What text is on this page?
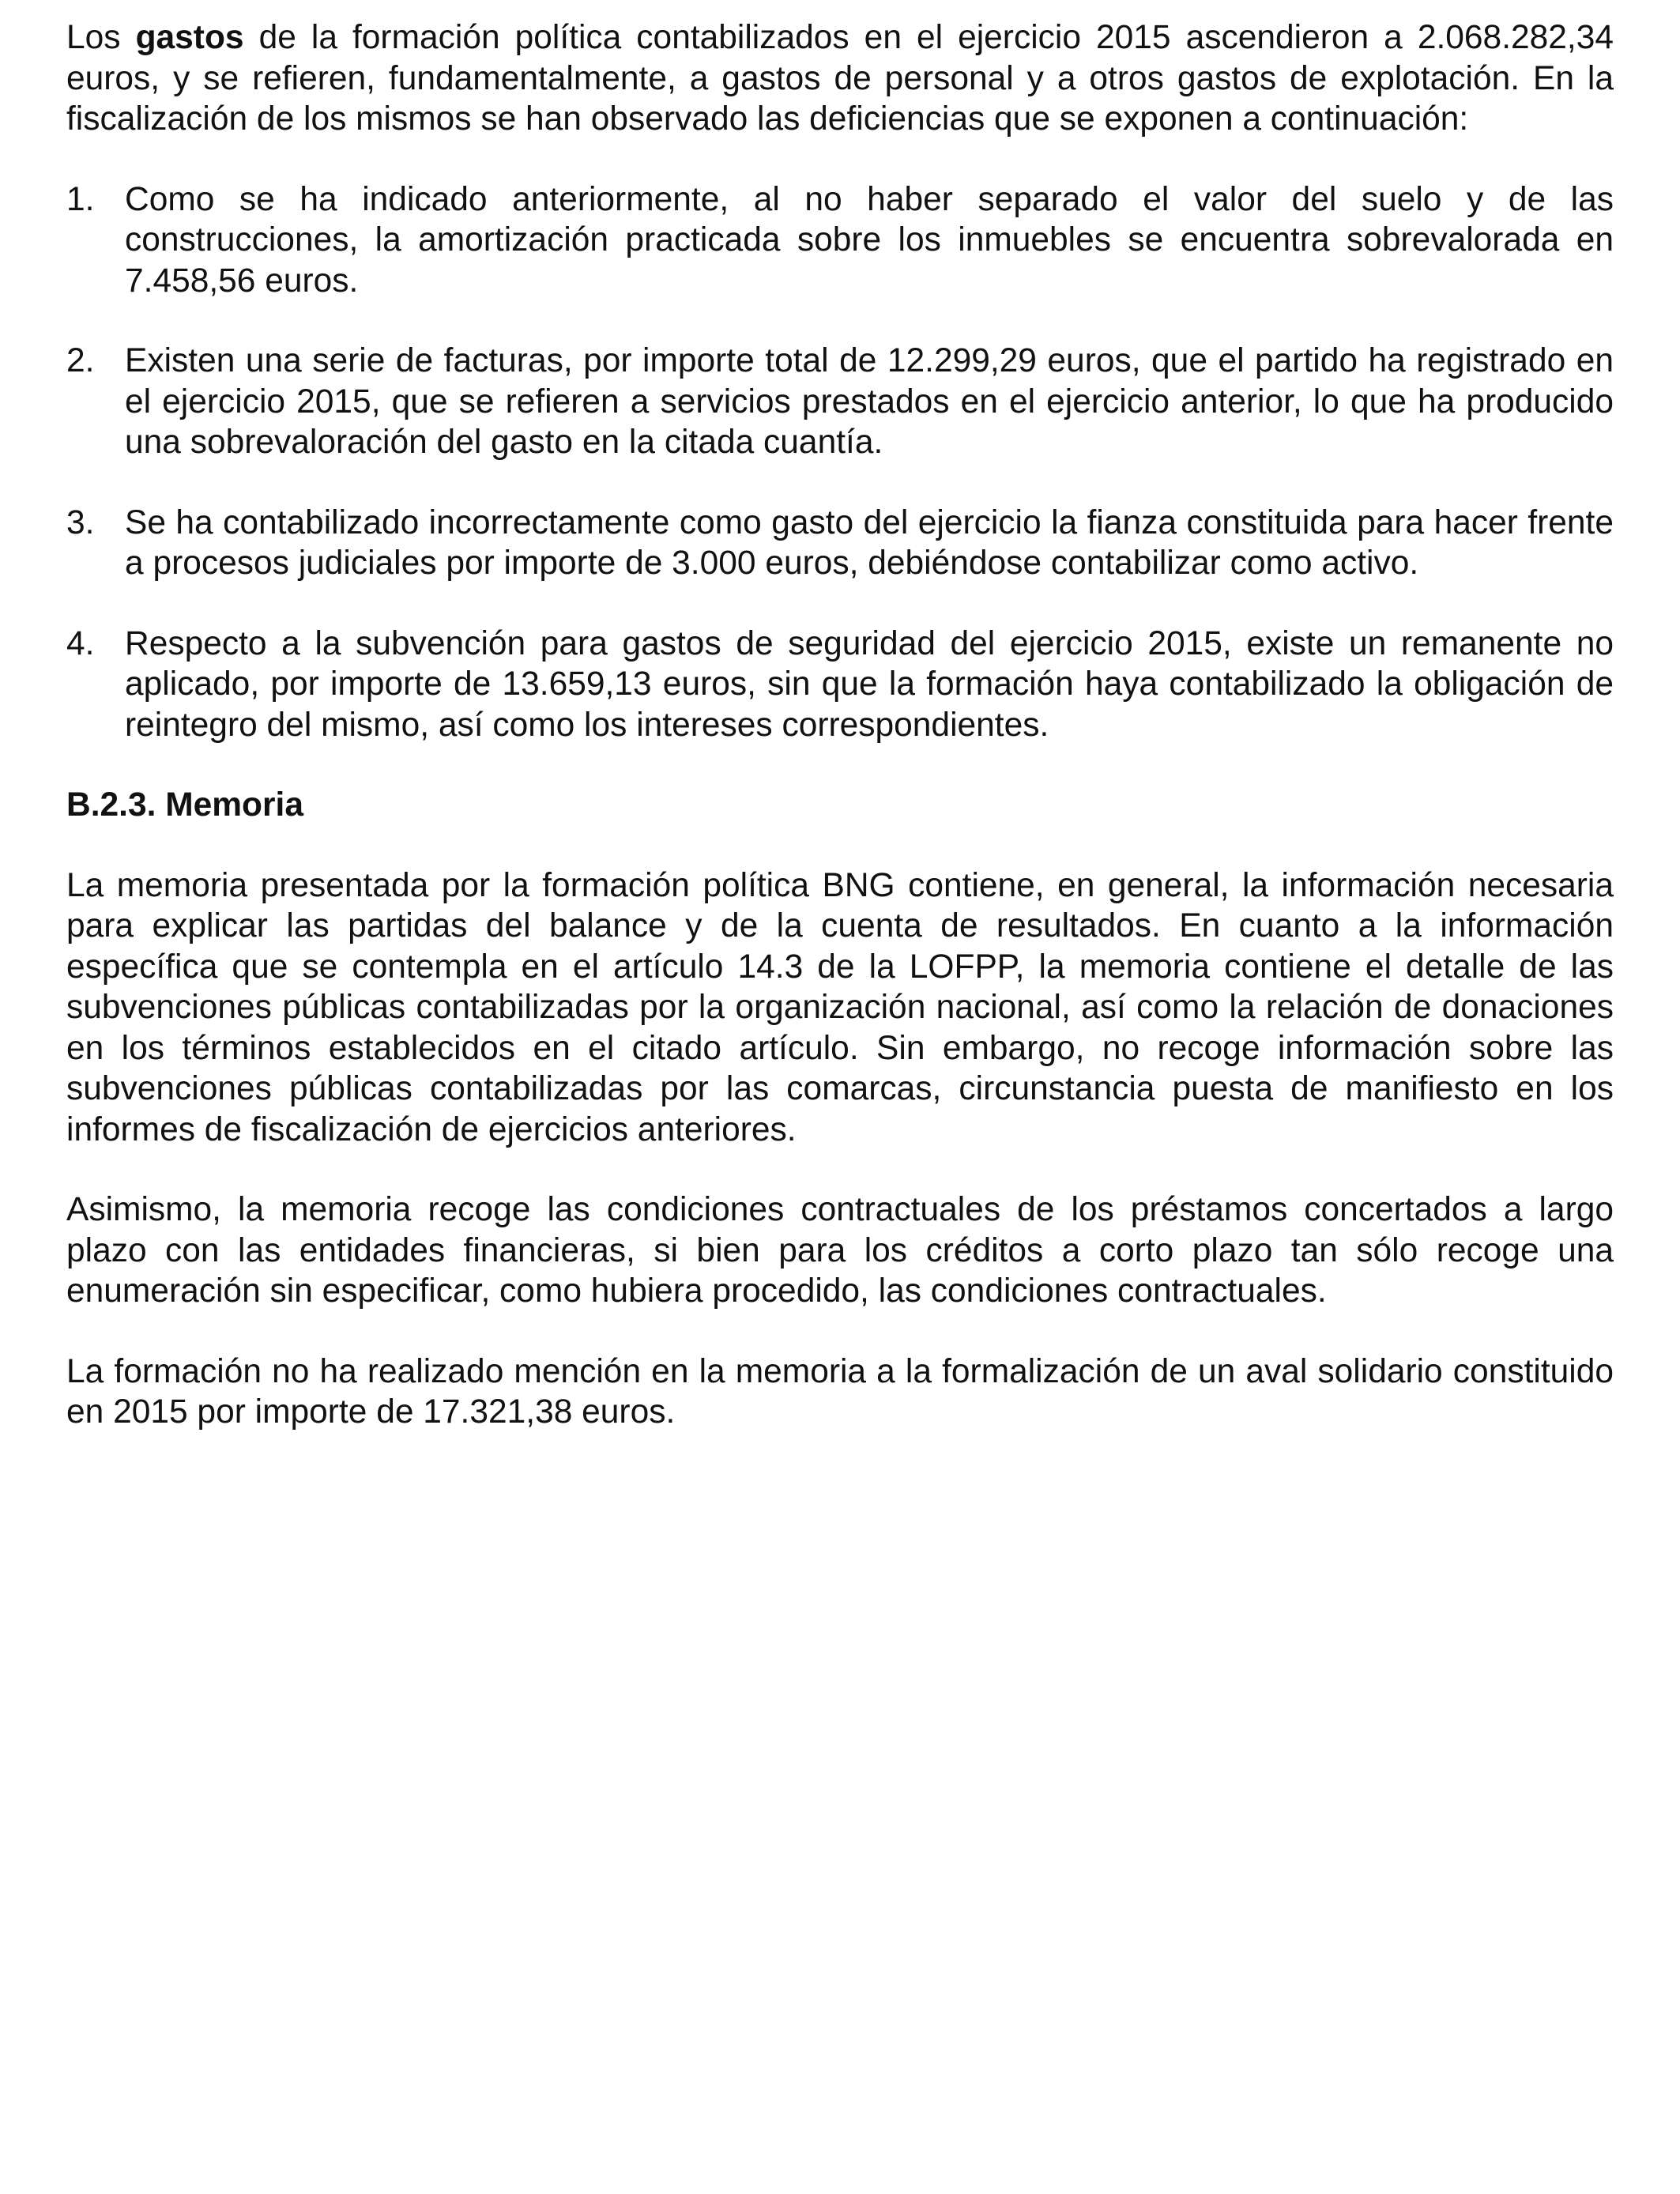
Los gastos de la formación política contabilizados en el ejercicio 2015 ascendieron a 2.068.282,34 euros, y se refieren, fundamentalmente, a gastos de personal y a otros gastos de explotación. En la fiscalización de los mismos se han observado las deficiencias que se exponen a continuación:

1. Como se ha indicado anteriormente, al no haber separado el valor del suelo y de las construcciones, la amortización practicada sobre los inmuebles se encuentra sobrevalorada en 7.458,56 euros.
2. Existen una serie de facturas, por importe total de 12.299,29 euros, que el partido ha registrado en el ejercicio 2015, que se refieren a servicios prestados en el ejercicio anterior, lo que ha producido una sobrevaloración del gasto en la citada cuantía.
3. Se ha contabilizado incorrectamente como gasto del ejercicio la fianza constituida para hacer frente a procesos judiciales por importe de 3.000 euros, debiéndose contabilizar como activo.
4. Respecto a la subvención para gastos de seguridad del ejercicio 2015, existe un remanente no aplicado, por importe de 13.659,13 euros, sin que la formación haya contabilizado la obligación de reintegro del mismo, así como los intereses correspondientes.

B.2.3. Memoria

La memoria presentada por la formación política BNG contiene, en general, la información necesaria para explicar las partidas del balance y de la cuenta de resultados. En cuanto a la información específica que se contempla en el artículo 14.3 de la LOFPP, la memoria contiene el detalle de las subvenciones públicas contabilizadas por la organización nacional, así como la relación de donaciones en los términos establecidos en el citado artículo. Sin embargo, no recoge información sobre las subvenciones públicas contabilizadas por las comarcas, circunstancia puesta de manifiesto en los informes de fiscalización de ejercicios anteriores.

Asimismo, la memoria recoge las condiciones contractuales de los préstamos concertados a largo plazo con las entidades financieras, si bien para los créditos a corto plazo tan sólo recoge una enumeración sin especificar, como hubiera procedido, las condiciones contractuales.

La formación no ha realizado mención en la memoria a la formalización de un aval solidario constituido en 2015 por importe de 17.321,38 euros.
